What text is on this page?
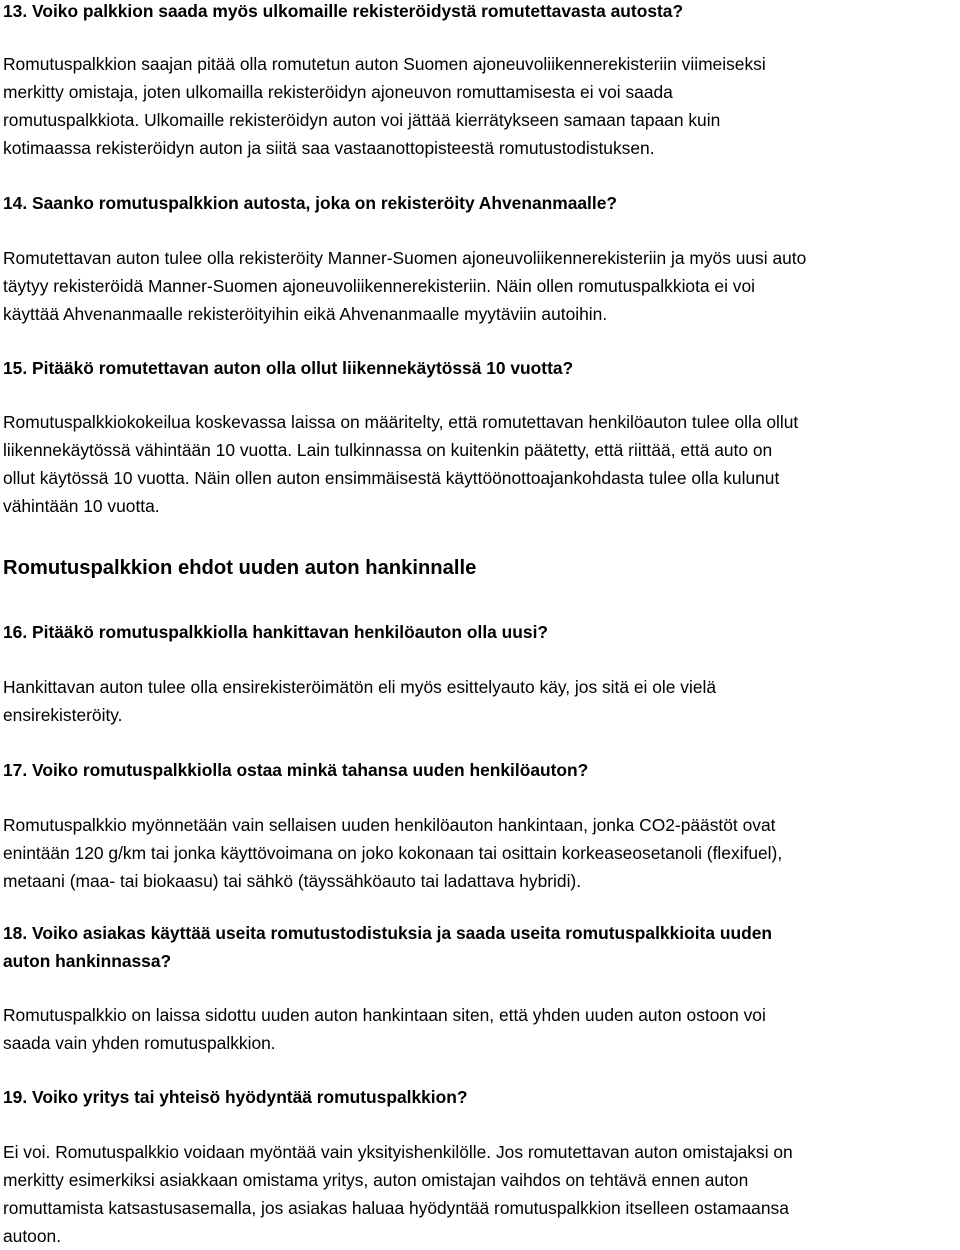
13. Voiko palkkion saada myös ulkomaille rekisteröidystä romutettavasta autosta?
Romutuspalkkion saajan pitää olla romutetun auton Suomen ajoneuvoliikennerekisteriin viimeiseksi
merkitty omistaja, joten ulkomailla rekisteröidyn ajoneuvon romuttamisesta ei voi saada
romutuspalkkiota. Ulkomaille rekisteröidyn auton voi jättää kierrätykseen samaan tapaan kuin
kotimaassa rekisteröidyn auton ja siitä saa vastaanottopisteestä romutustodistuksen.
14. Saanko romutuspalkkion autosta, joka on rekisteröity Ahvenanmaalle?
Romutettavan auton tulee olla rekisteröity Manner-Suomen ajoneuvoliikennerekisteriin ja myös uusi auto
täytyy rekisteröidä Manner-Suomen ajoneuvoliikennerekisteriin. Näin ollen romutuspalkkiota ei voi
käyttää Ahvenanmaalle rekisteröityihin eikä Ahvenanmaalle myytäviin autoihin.
15. Pitääkö romutettavan auton olla ollut liikennekäytössä 10 vuotta?
Romutuspalkkiokokeilua koskevassa laissa on määritelty, että romutettavan henkilöauton tulee olla ollut
liikennekäytössä vähintään 10 vuotta. Lain tulkinnassa on kuitenkin päätetty, että riittää, että auto on
ollut käytössä 10 vuotta. Näin ollen auton ensimmäisestä käyttöönottoajankohdasta tulee olla kulunut
vähintään 10 vuotta.
Romutuspalkkion ehdot uuden auton hankinnalle
16. Pitääkö romutuspalkkiolla hankittavan henkilöauton olla uusi?
Hankittavan auton tulee olla ensirekisteröimätön eli myös esittelyauto käy, jos sitä ei ole vielä
ensirekisteröity.
17. Voiko romutuspalkkiolla ostaa minkä tahansa uuden henkilöauton?
Romutuspalkkio myönnetään vain sellaisen uuden henkilöauton hankintaan, jonka CO2-päästöt ovat
enintään 120 g/km tai jonka käyttövoimana on joko kokonaan tai osittain korkeaseosetanoli (flexifuel),
metaani (maa- tai biokaasu) tai sähkö (täyssähköauto tai ladattava hybridi).
18. Voiko asiakas käyttää useita romutustodistuksia ja saada useita romutuspalkkioita uuden
auton hankinnassa?
Romutuspalkkio on laissa sidottu uuden auton hankintaan siten, että yhden uuden auton ostoon voi
saada vain yhden romutuspalkkion.
19. Voiko yritys tai yhteisö hyödyntää romutuspalkkion?
Ei voi. Romutuspalkkio voidaan myöntää vain yksityishenkilölle. Jos romutettavan auton omistajaksi on
merkitty esimerkiksi asiakkaan omistama yritys, auton omistajan vaihdos on tehtävä ennen auton
romuttamista katsastusasemalla, jos asiakas haluaa hyödyntää romutuspalkkion itselleen ostamaansa
autoon.
